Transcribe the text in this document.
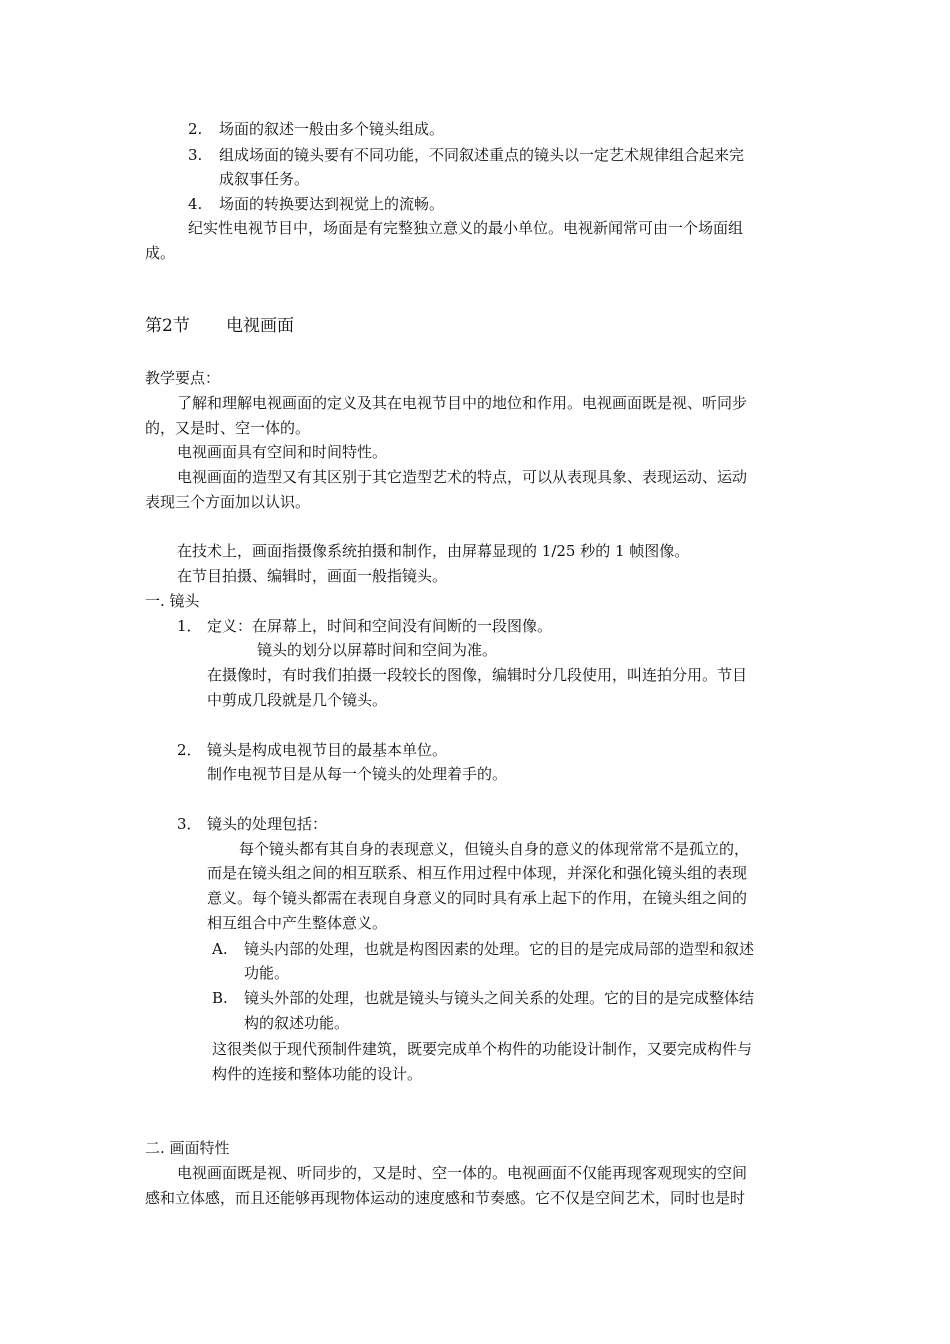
2. 场面的叙述一般由多个镜头组成。
3. 组成场面的镜头要有不同功能，不同叙述重点的镜头以一定艺术规律组合起来完
成叙事任务。
4. 场面的转换要达到视觉上的流畅。
纪实性电视节目中，场面是有完整独立意义的最小单位。电视新闻常可由一个场面组
成。
第2节 电视画面
教学要点：
了解和理解电视画面的定义及其在电视节目中的地位和作用。电视画面既是视、听同步
的，又是时、空一体的。
电视画面具有空间和时间特性。
电视画面的造型又有其区别于其它造型艺术的特点，可以从表现具象、表现运动、运动
表现三个方面加以认识。
在技术上，画面指摄像系统拍摄和制作，由屏幕显现的 1/25 秒的 1 帧图像。
在节目拍摄、编辑时，画面一般指镜头。
一. 镜头
1． 定义：在屏幕上，时间和空间没有间断的一段图像。
镜头的划分以屏幕时间和空间为准。
在摄像时，有时我们拍摄一段较长的图像，编辑时分几段使用，叫连拍分用。节目
中剪成几段就是几个镜头。
2． 镜头是构成电视节目的最基本单位。
制作电视节目是从每一个镜头的处理着手的。
3． 镜头的处理包括：
每个镜头都有其自身的表现意义，但镜头自身的意义的体现常常不是孤立的，
而是在镜头组之间的相互联系、相互作用过程中体现，并深化和强化镜头组的表现
意义。每个镜头都需在表现自身意义的同时具有承上起下的作用，在镜头组之间的
相互组合中产生整体意义。
A. 镜头内部的处理，也就是构图因素的处理。它的目的是完成局部的造型和叙述
功能。
B. 镜头外部的处理，也就是镜头与镜头之间关系的处理。它的目的是完成整体结
构的叙述功能。
这很类似于现代预制件建筑，既要完成单个构件的功能设计制作，又要完成构件与
构件的连接和整体功能的设计。
二. 画面特性
电视画面既是视、听同步的，又是时、空一体的。电视画面不仅能再现客观现实的空间
感和立体感，而且还能够再现物体运动的速度感和节奏感。它不仅是空间艺术，同时也是时
